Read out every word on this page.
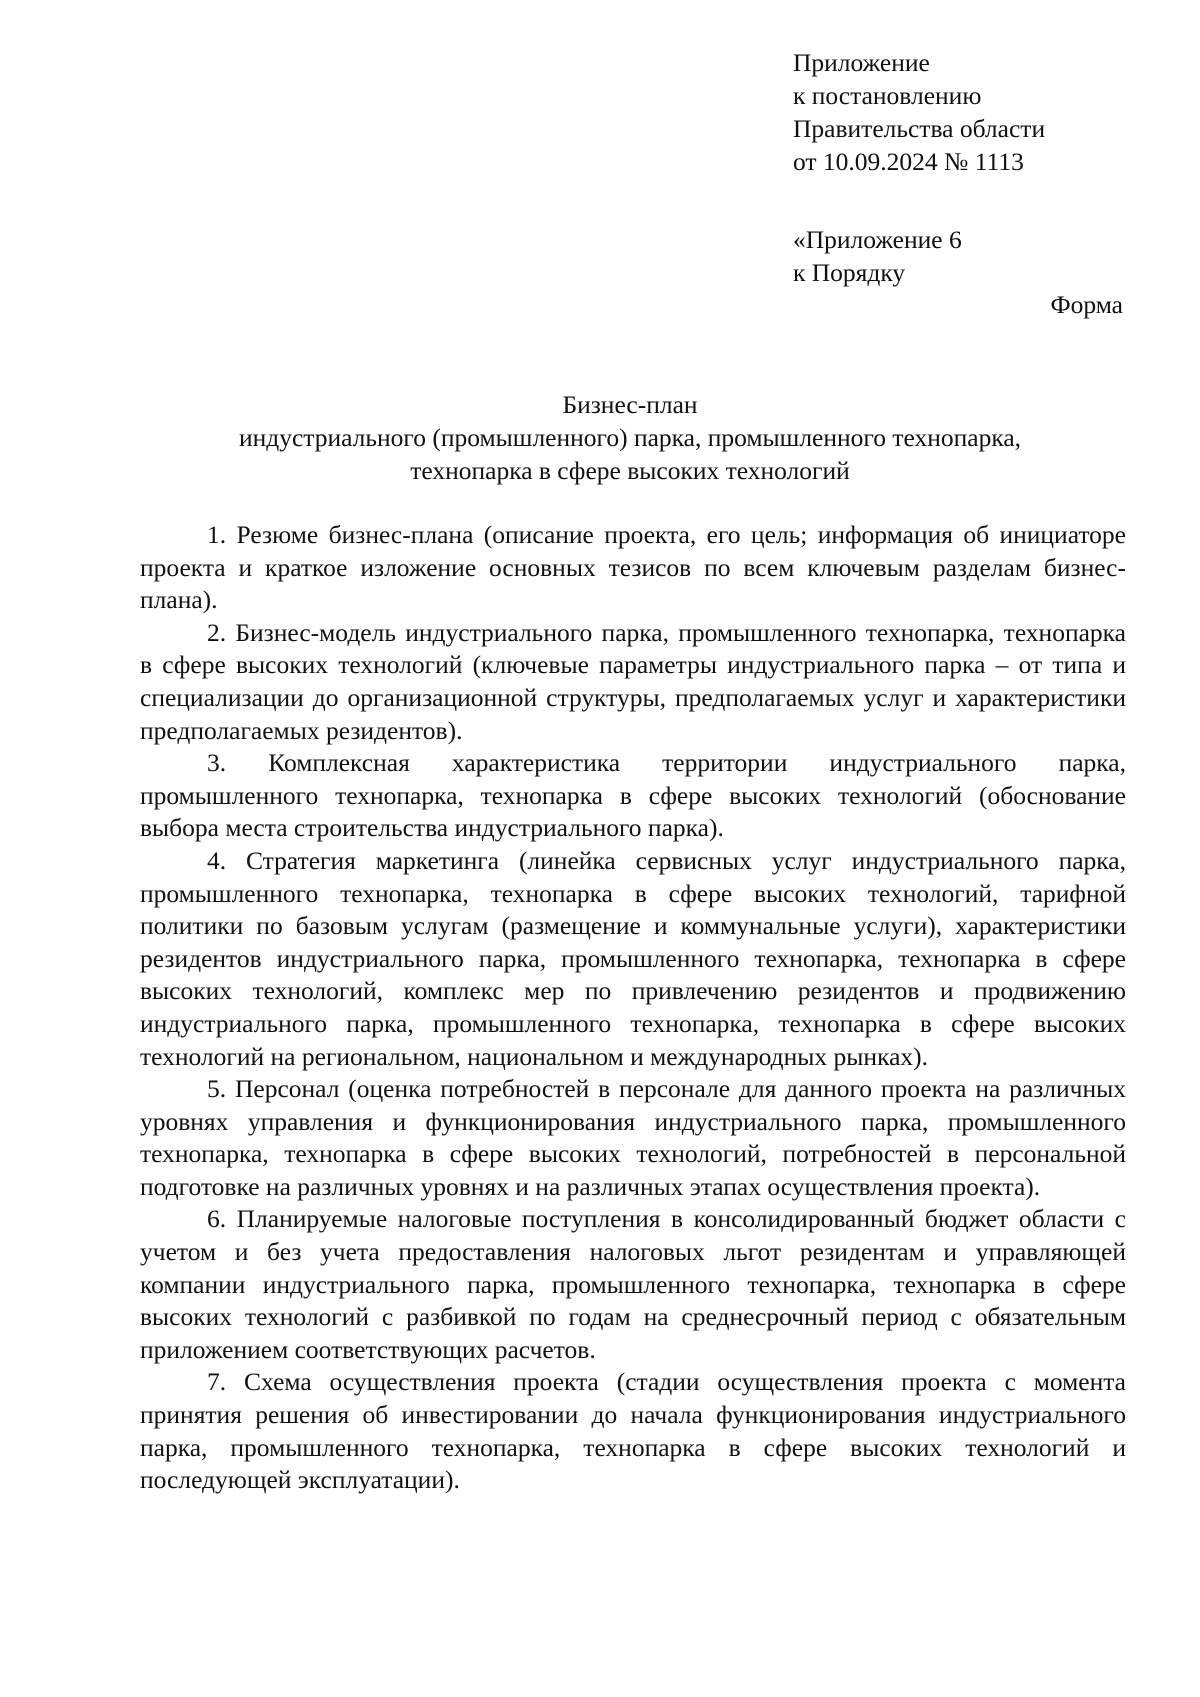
Приложение
к постановлению
Правительства области
от 10.09.2024 № 1113
«Приложение 6
к Порядку
Форма
Бизнес-план
индустриального (промышленного) парка, промышленного технопарка,
технопарка в сфере высоких технологий

1. Резюме бизнес-плана (описание проекта, его цель; информация об инициаторе проекта и краткое изложение основных тезисов по всем ключевым разделам бизнес-плана).

2. Бизнес-модель индустриального парка, промышленного технопарка, технопарка в сфере высоких технологий (ключевые параметры индустриального парка – от типа и специализации до организационной структуры, предполагаемых услуг и характеристики предполагаемых резидентов).

3. Комплексная характеристика территории индустриального парка, промышленного технопарка, технопарка в сфере высоких технологий (обоснование выбора места строительства индустриального парка).

4. Стратегия маркетинга (линейка сервисных услуг индустриального парка, промышленного технопарка, технопарка в сфере высоких технологий, тарифной политики по базовым услугам (размещение и коммунальные услуги), характеристики резидентов индустриального парка, промышленного технопарка, технопарка в сфере высоких технологий, комплекс мер по привлечению резидентов и продвижению индустриального парка, промышленного технопарка, технопарка в сфере высоких технологий на региональном, национальном и международных рынках).

5. Персонал (оценка потребностей в персонале для данного проекта на различных уровнях управления и функционирования индустриального парка, промышленного технопарка, технопарка в сфере высоких технологий, потребностей в персональной подготовке на различных уровнях и на различных этапах осуществления проекта).

6. Планируемые налоговые поступления в консолидированный бюджет области с учетом и без учета предоставления налоговых льгот резидентам и управляющей компании индустриального парка, промышленного технопарка, технопарка в сфере высоких технологий с разбивкой по годам на среднесрочный период с обязательным приложением соответствующих расчетов.

7. Схема осуществления проекта (стадии осуществления проекта с момента принятия решения об инвестировании до начала функционирования индустриального парка, промышленного технопарка, технопарка в сфере высоких технологий и последующей эксплуатации).
